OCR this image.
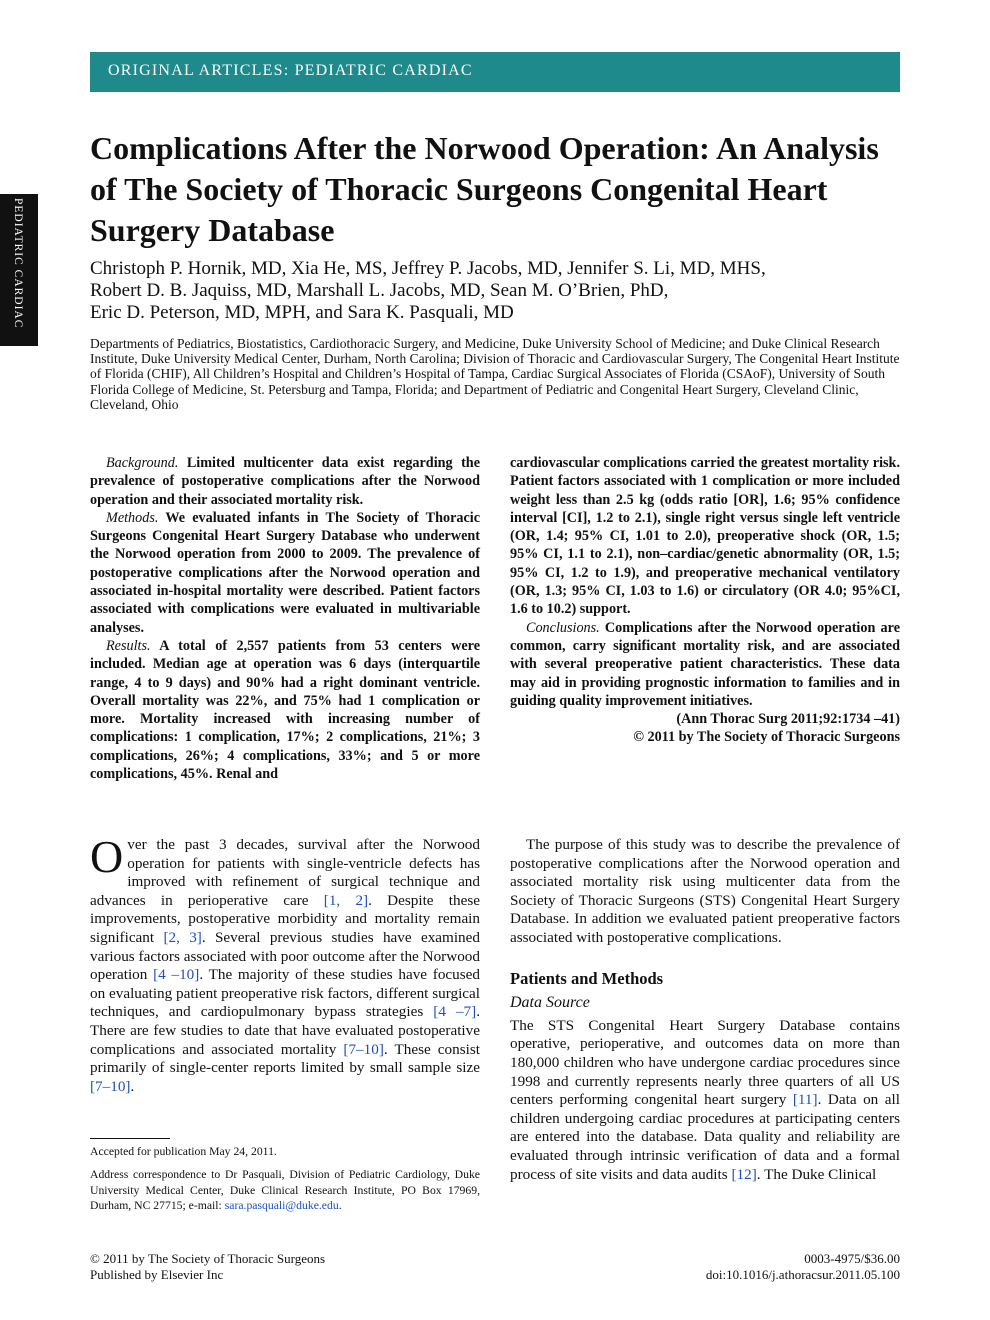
ORIGINAL ARTICLES: PEDIATRIC CARDIAC
PEDIATRIC CARDIAC
Complications After the Norwood Operation: An Analysis of The Society of Thoracic Surgeons Congenital Heart Surgery Database
Christoph P. Hornik, MD, Xia He, MS, Jeffrey P. Jacobs, MD, Jennifer S. Li, MD, MHS,
Robert D. B. Jaquiss, MD, Marshall L. Jacobs, MD, Sean M. O’Brien, PhD,
Eric D. Peterson, MD, MPH, and Sara K. Pasquali, MD
Departments of Pediatrics, Biostatistics, Cardiothoracic Surgery, and Medicine, Duke University School of Medicine; and Duke Clinical Research Institute, Duke University Medical Center, Durham, North Carolina; Division of Thoracic and Cardiovascular Surgery, The Congenital Heart Institute of Florida (CHIF), All Children’s Hospital and Children’s Hospital of Tampa, Cardiac Surgical Associates of Florida (CSAoF), University of South Florida College of Medicine, St. Petersburg and Tampa, Florida; and Department of Pediatric and Congenital Heart Surgery, Cleveland Clinic, Cleveland, Ohio

Background. Limited multicenter data exist regarding the prevalence of postoperative complications after the Norwood operation and their associated mortality risk.

Methods. We evaluated infants in The Society of Thoracic Surgeons Congenital Heart Surgery Database who underwent the Norwood operation from 2000 to 2009. The prevalence of postoperative complications after the Norwood operation and associated in-hospital mortality were described. Patient factors associated with complications were evaluated in multivariable analyses.

Results. A total of 2,557 patients from 53 centers were included. Median age at operation was 6 days (interquartile range, 4 to 9 days) and 90% had a right dominant ventricle. Overall mortality was 22%, and 75% had 1 complication or more. Mortality increased with increasing number of complications: 1 complication, 17%; 2 complications, 21%; 3 complications, 26%; 4 complications, 33%; and 5 or more complications, 45%. Renal and

cardiovascular complications carried the greatest mortality risk. Patient factors associated with 1 complication or more included weight less than 2.5 kg (odds ratio [OR], 1.6; 95% confidence interval [CI], 1.2 to 2.1), single right versus single left ventricle (OR, 1.4; 95% CI, 1.01 to 2.0), preoperative shock (OR, 1.5; 95% CI, 1.1 to 2.1), non–cardiac/genetic abnormality (OR, 1.5; 95% CI, 1.2 to 1.9), and preoperative mechanical ventilatory (OR, 1.3; 95% CI, 1.03 to 1.6) or circulatory (OR 4.0; 95%CI, 1.6 to 10.2) support.

Conclusions. Complications after the Norwood operation are common, carry significant mortality risk, and are associated with several preoperative patient characteristics. These data may aid in providing prognostic information to families and in guiding quality improvement initiatives.

(Ann Thorac Surg 2011;92:1734 –41)

© 2011 by The Society of Thoracic Surgeons

Over the past 3 decades, survival after the Norwood operation for patients with single-ventricle defects has improved with refinement of surgical technique and advances in perioperative care [1, 2]. Despite these improvements, postoperative morbidity and mortality remain significant [2, 3]. Several previous studies have examined various factors associated with poor outcome after the Norwood operation [4 –10]. The majority of these studies have focused on evaluating patient preoperative risk factors, different surgical techniques, and cardiopulmonary bypass strategies [4 –7]. There are few studies to date that have evaluated postoperative complications and associated mortality [7–10]. These consist primarily of single-center reports limited by small sample size [7–10].

The purpose of this study was to describe the prevalence of postoperative complications after the Norwood operation and associated mortality risk using multicenter data from the Society of Thoracic Surgeons (STS) Congenital Heart Surgery Database. In addition we evaluated patient preoperative factors associated with postoperative complications.

Patients and Methods
Data Source

The STS Congenital Heart Surgery Database contains operative, perioperative, and outcomes data on more than 180,000 children who have undergone cardiac procedures since 1998 and currently represents nearly three quarters of all US centers performing congenital heart surgery [11]. Data on all children undergoing cardiac procedures at participating centers are entered into the database. Data quality and reliability are evaluated through intrinsic verification of data and a formal process of site visits and data audits [12]. The Duke Clinical

Accepted for publication May 24, 2011.
Address correspondence to Dr Pasquali, Division of Pediatric Cardiology, Duke University Medical Center, Duke Clinical Research Institute, PO Box 17969, Durham, NC 27715; e-mail: sara.pasquali@duke.edu.
© 2011 by The Society of Thoracic Surgeons
Published by Elsevier Inc
0003-4975/$36.00
doi:10.1016/j.athoracsur.2011.05.100
